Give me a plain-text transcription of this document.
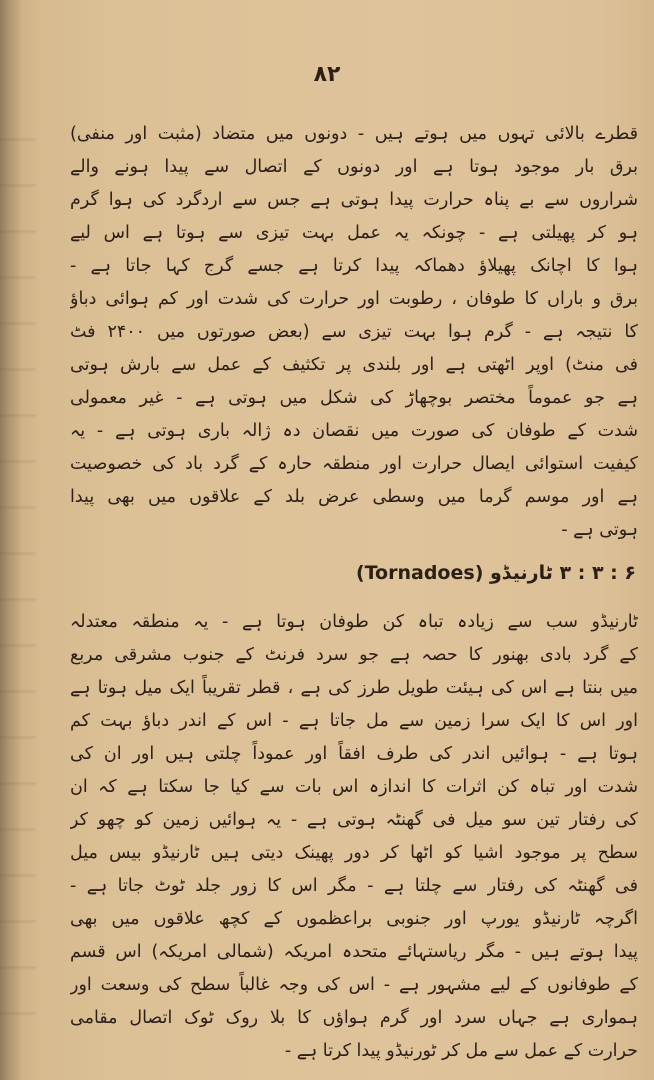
۸۲
قطرے بالائی تہوں میں ہوتے ہیں - دونوں میں متضاد (مثبت اور منفی)
برق بار موجود ہوتا ہے اور دونوں کے اتصال سے پیدا ہونے والے
شراروں سے بے پناہ حرارت پیدا ہوتی ہے جس سے اردگرد کی ہوا گرم
ہو کر پھیلتی ہے - چونکہ یہ عمل بہت تیزی سے ہوتا ہے اس لیے
ہوا کا اچانک پھیلاؤ دھماکہ پیدا کرتا ہے جسے گرج کہا جاتا ہے -
برق و باراں کا طوفان ، رطوبت اور حرارت کی شدت اور کم ہوائی دباؤ
کا نتیجہ ہے - گرم ہوا بہت تیزی سے (بعض صورتوں میں ۲۴۰۰ فٹ
فی منٹ) اوپر اٹھتی ہے اور بلندی پر تکثیف کے عمل سے بارش ہوتی
ہے جو عموماً مختصر بوچھاڑ کی شکل میں ہوتی ہے - غیر معمولی
شدت کے طوفان کی صورت میں نقصان دہ ژالہ باری ہوتی ہے - یہ
کیفیت استوائی ایصال حرارت اور منطقہ حارہ کے گرد باد کی خصوصیت
ہے اور موسم گرما میں وسطی عرض بلد کے علاقوں میں بھی پیدا
ہوتی ہے -
۶ : ۳ : ۳ ٹارنیڈو (Tornadoes)
ٹارنیڈو سب سے زیادہ تباہ کن طوفان ہوتا ہے - یہ منطقہ معتدلہ
کے گرد بادی بھنور کا حصہ ہے جو سرد فرنٹ کے جنوب مشرقی مربع
میں بنتا ہے اس کی ہیئت طویل طرز کی ہے ، قطر تقریباً ایک میل ہوتا ہے
اور اس کا ایک سرا زمین سے مل جاتا ہے - اس کے اندر دباؤ بہت کم
ہوتا ہے - ہوائیں اندر کی طرف افقاً اور عموداً چلتی ہیں اور ان کی
شدت اور تباہ کن اثرات کا اندازہ اس بات سے کیا جا سکتا ہے کہ ان
کی رفتار تین سو میل فی گھنٹہ ہوتی ہے - یہ ہوائیں زمین کو چھو کر
سطح پر موجود اشیا کو اٹھا کر دور پھینک دیتی ہیں ٹارنیڈو بیس میل
فی گھنٹہ کی رفتار سے چلتا ہے - مگر اس کا زور جلد ٹوٹ جاتا ہے -
اگرچہ ٹارنیڈو یورپ اور جنوبی براعظموں کے کچھ علاقوں میں بھی
پیدا ہوتے ہیں - مگر ریاستہائے متحدہ امریکہ (شمالی امریکہ) اس قسم
کے طوفانوں کے لیے مشہور ہے - اس کی وجہ غالباً سطح کی وسعت اور
ہمواری ہے جہاں سرد اور گرم ہواؤں کا بلا روک ٹوک اتصال مقامی
حرارت کے عمل سے مل کر ٹورنیڈو پیدا کرتا ہے -
